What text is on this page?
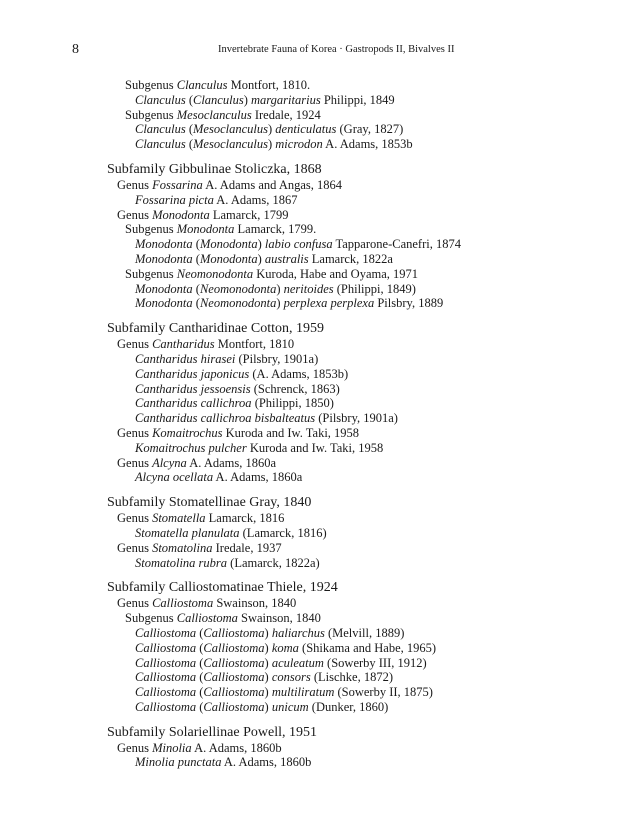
8	Invertebrate Fauna of Korea · Gastropods II, Bivalves II
Subgenus Clanculus Montfort, 1810.
Clanculus (Clanculus) margaritarius Philippi, 1849
Subgenus Mesoclanculus Iredale, 1924
Clanculus (Mesoclanculus) denticulatus (Gray, 1827)
Clanculus (Mesoclanculus) microdon A. Adams, 1853b
Subfamily Gibbulinae Stoliczka, 1868
Genus Fossarina A. Adams and Angas, 1864
Fossarina picta A. Adams, 1867
Genus Monodonta Lamarck, 1799
Subgenus Monodonta Lamarck, 1799.
Monodonta (Monodonta) labio confusa Tapparone-Canefri, 1874
Monodonta (Monodonta) australis Lamarck, 1822a
Subgenus Neomonodonta Kuroda, Habe and Oyama, 1971
Monodonta (Neomonodonta) neritoides (Philippi, 1849)
Monodonta (Neomonodonta) perplexa perplexa Pilsbry, 1889
Subfamily Cantharidinae Cotton, 1959
Genus Cantharidus Montfort, 1810
Cantharidus hirasei (Pilsbry, 1901a)
Cantharidus japonicus (A. Adams, 1853b)
Cantharidus jessoensis (Schrenck, 1863)
Cantharidus callichroa (Philippi, 1850)
Cantharidus callichroa bisbalteatus (Pilsbry, 1901a)
Genus Komaitrochus Kuroda and Iw. Taki, 1958
Komaitrochus pulcher Kuroda and Iw. Taki, 1958
Genus Alcyna A. Adams, 1860a
Alcyna ocellata A. Adams, 1860a
Subfamily Stomatellinae Gray, 1840
Genus Stomatella Lamarck, 1816
Stomatella planulata (Lamarck, 1816)
Genus Stomatolina Iredale, 1937
Stomatolina rubra (Lamarck, 1822a)
Subfamily Calliostomatinae Thiele, 1924
Genus Calliostoma Swainson, 1840
Subgenus Calliostoma Swainson, 1840
Calliostoma (Calliostoma) haliarchus (Melvill, 1889)
Calliostoma (Calliostoma) koma (Shikama and Habe, 1965)
Calliostoma (Calliostoma) aculeatum (Sowerby III, 1912)
Calliostoma (Calliostoma) consors (Lischke, 1872)
Calliostoma (Calliostoma) multiliratum (Sowerby II, 1875)
Calliostoma (Calliostoma) unicum (Dunker, 1860)
Subfamily Solariellinae Powell, 1951
Genus Minolia A. Adams, 1860b
Minolia punctata A. Adams, 1860b
